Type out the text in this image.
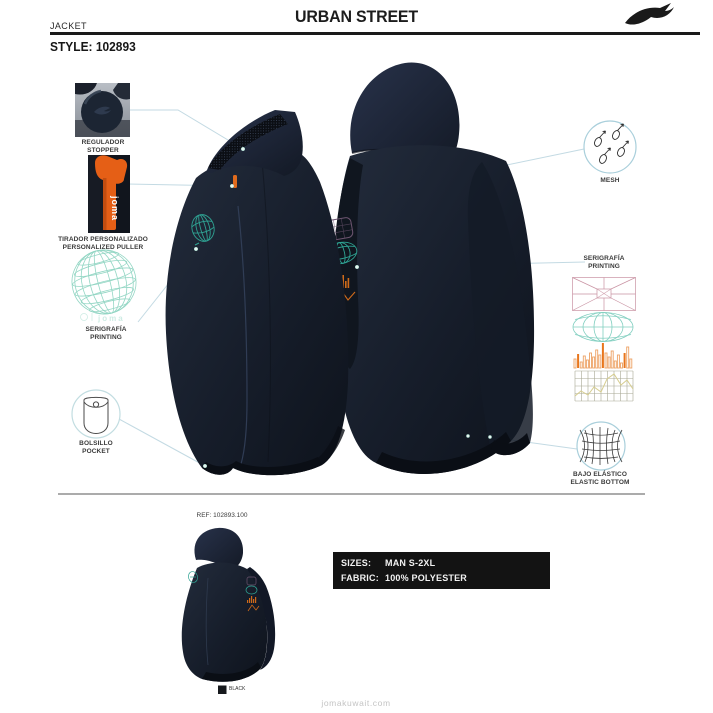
JACKET	URBAN STREET
STYLE: 102893
joma
joma
REGULADOR
STOPPER
TIRADOR PERSONALIZADO
PERSONALIZED PULLER
SERIGRAFÍA
PRINTING
BOLSILLO
POCKET
MESH
SERIGRAFÍA
PRINTING
BAJO ELÁSTICO
ELASTIC BOTTOM
REF: 102893.100
BLACK
SIZES:	MAN S-2XL
FABRIC: 100% POLYESTER
jomakuwait.com
